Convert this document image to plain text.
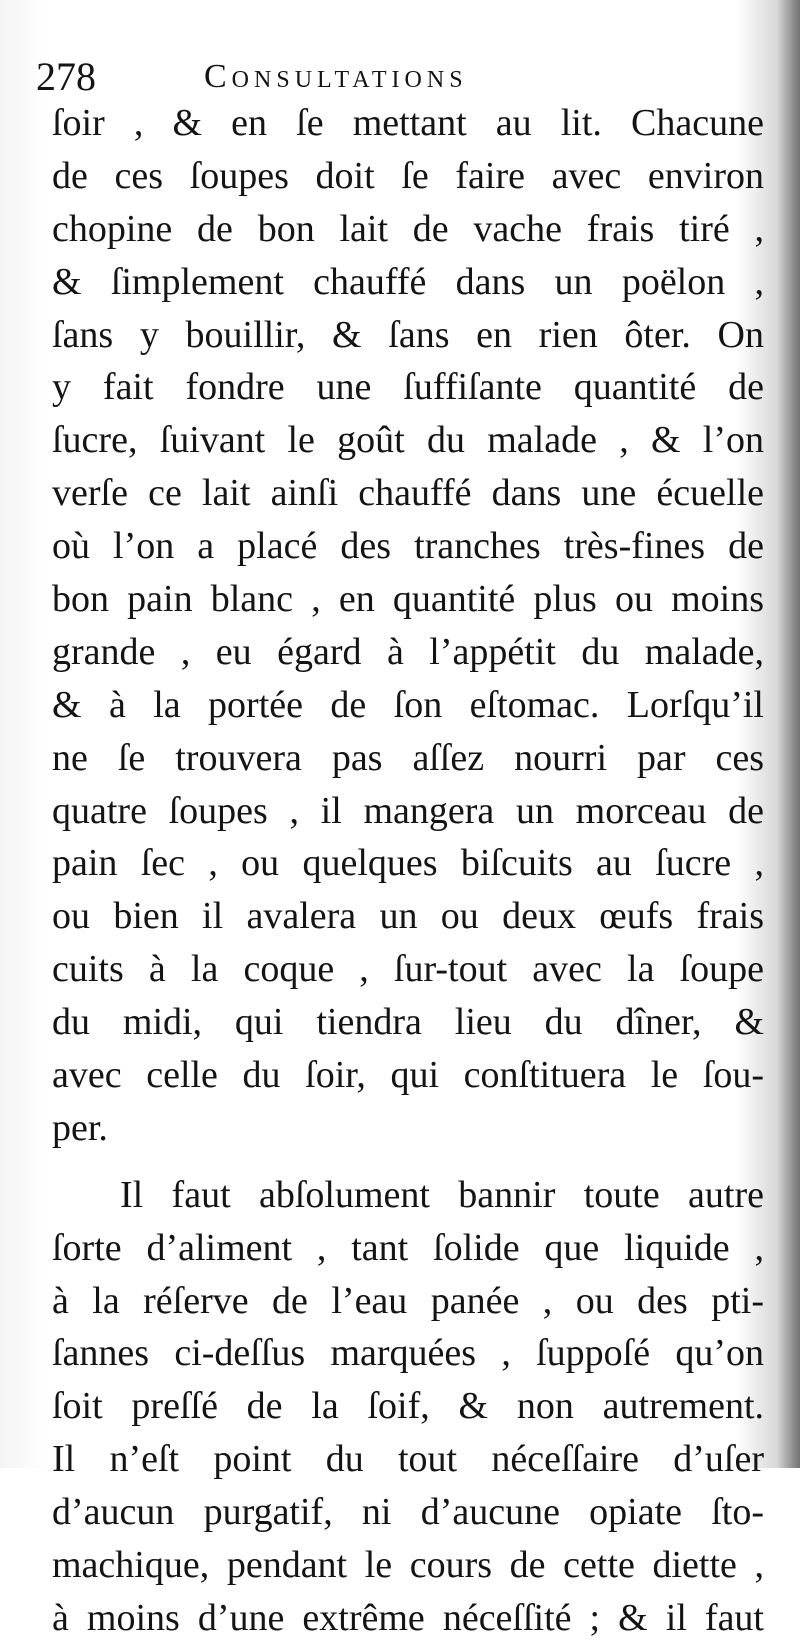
278	Consultations
ſoir , & en ſe mettant au lit. Chacune
de ces ſoupes doit ſe faire avec environ
chopine de bon lait de vache frais tiré ,
& ſimplement chauffé dans un poëlon ,
ſans y bouillir, & ſans en rien ôter. On
y fait fondre une ſuffiſante quantité de
ſucre, ſuivant le goût du malade , & l’on
verſe ce lait ainſi chauffé dans une écuelle
où l’on a placé des tranches très-fines de
bon pain blanc , en quantité plus ou moins
grande , eu égard à l’appétit du malade,
& à la portée de ſon eſtomac. Lorſqu’il
ne ſe trouvera pas aſſez nourri par ces
quatre ſoupes , il mangera un morceau de
pain ſec , ou quelques biſcuits au ſucre ,
ou bien il avalera un ou deux œufs frais
cuits à la coque , ſur-tout avec la ſoupe
du midi, qui tiendra lieu du dîner, &
avec celle du ſoir, qui conſtituera le ſou-
per.
Il faut abſolument bannir toute autre
ſorte d’aliment , tant ſolide que liquide ,
à la réſerve de l’eau panée , ou des pti-
ſannes ci-deſſus marquées , ſuppoſé qu’on
ſoit preſſé de la ſoif, & non autrement.
Il n’eſt point du tout néceſſaire d’uſer
d’aucun purgatif, ni d’aucune opiate ſto-
machique, pendant le cours de cette diette ,
à moins d’une extrême néceſſité ; & il faut
